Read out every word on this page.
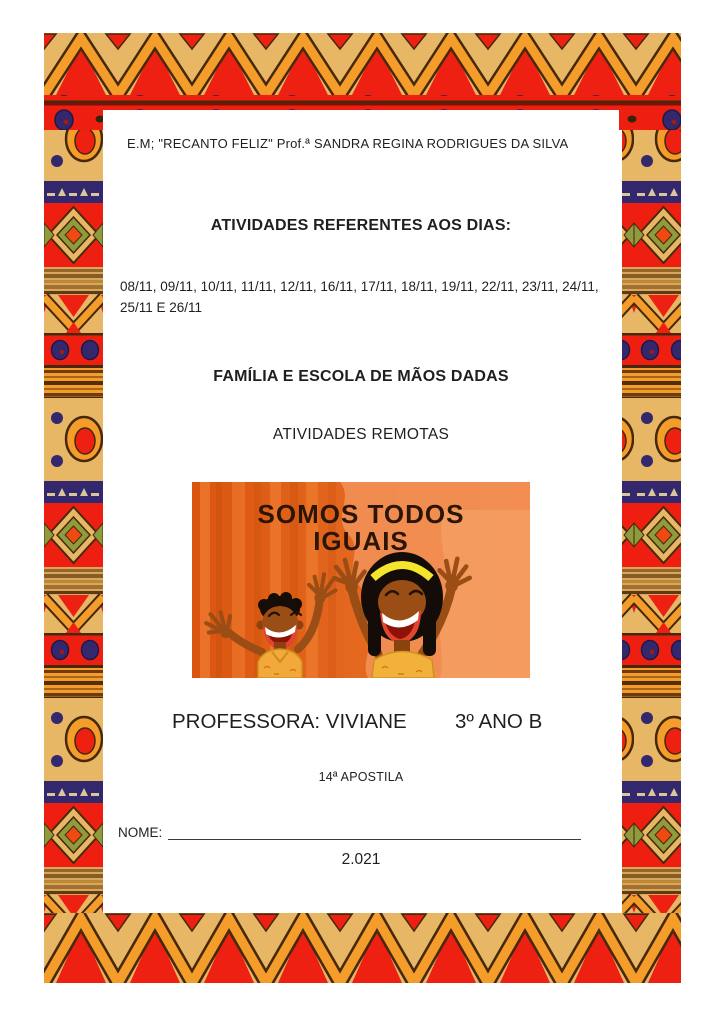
E.M; "RECANTO FELIZ" Prof.ª SANDRA REGINA RODRIGUES DA SILVA
ATIVIDADES REFERENTES AOS DIAS:
08/11, 09/11, 10/11, 11/11, 12/11, 16/11, 17/11, 18/11, 19/11, 22/11, 23/11, 24/11, 25/11 E 26/11
FAMÍLIA E ESCOLA DE MÃOS DADAS
ATIVIDADES REMOTAS
SOMOS TODOS
IGUAIS
PROFESSORA: VIVIANE 3º ANO B
14ª APOSTILA
NOME:
2.021
